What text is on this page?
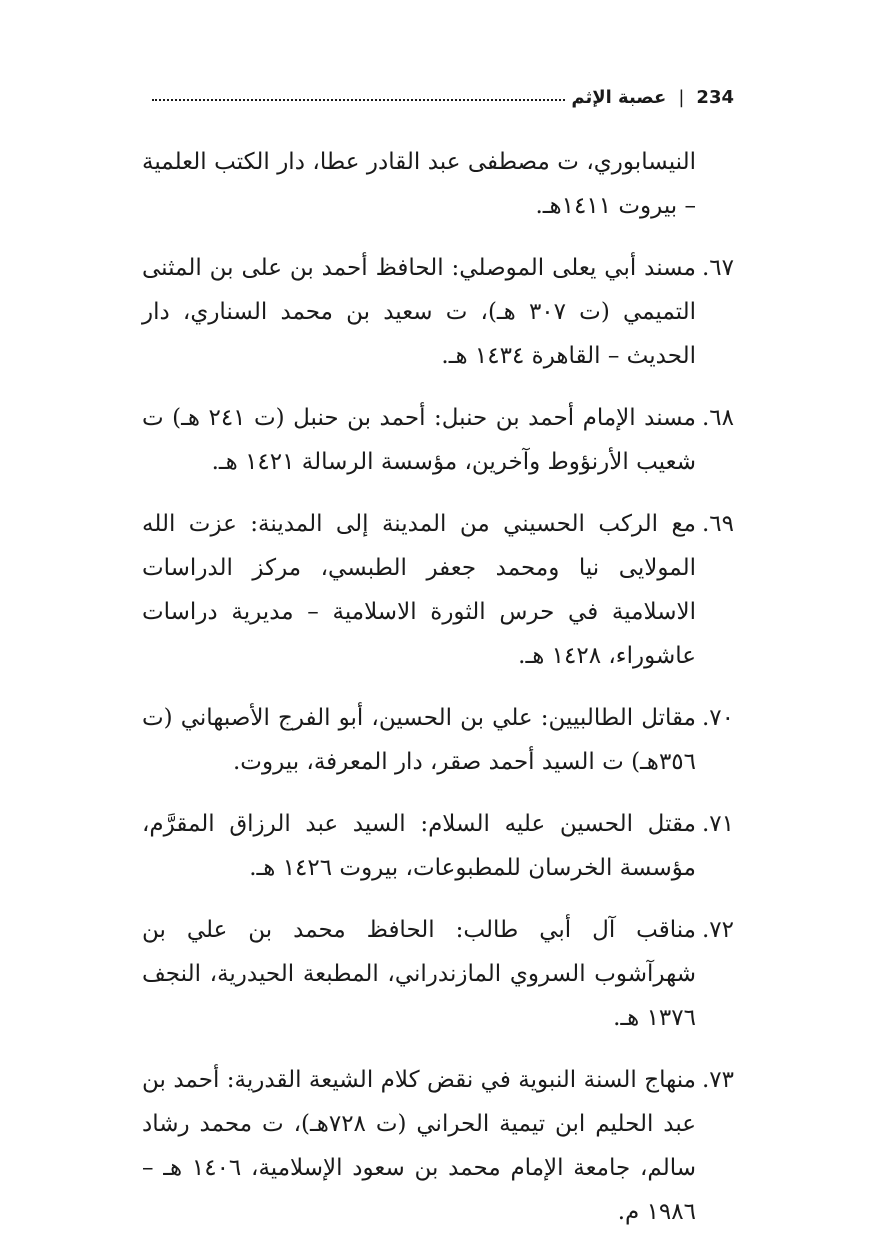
234
|
عصبة الإثم

النيسابوري، ت مصطفى عبد القادر عطا، دار الكتب العلمية – بيروت ١٤١١هـ.

٦٧.
مسند أبي يعلى الموصلي: الحافظ أحمد بن على بن المثنى التميمي (ت ٣٠٧ هـ)، ت سعيد بن محمد السناري، دار الحديث – القاهرة ١٤٣٤ هـ.

٦٨.
مسند الإمام أحمد بن حنبل: أحمد بن حنبل (ت ٢٤١ هـ) ت شعيب الأرنؤوط وآخرين، مؤسسة الرسالة ١٤٢١ هـ.

٦٩.
مع الركب الحسيني من المدينة إلى المدينة: عزت الله المولايى نيا ومحمد جعفر الطبسي، مركز الدراسات الاسلامية في حرس الثورة الاسلامية – مديرية دراسات عاشوراء، ١٤٢٨ هـ.

٧٠.
مقاتل الطالبيين: علي بن الحسين، أبو الفرج الأصبهاني (ت ٣٥٦هـ) ت السيد أحمد صقر، دار المعرفة، بيروت.

٧١.
مقتل الحسين عليه السلام: السيد عبد الرزاق المقرَّم، مؤسسة الخرسان للمطبوعات، بيروت ١٤٢٦ هـ.

٧٢.
مناقب آل أبي طالب: الحافظ محمد بن علي بن شهرآشوب السروي المازندراني، المطبعة الحيدرية، النجف ١٣٧٦ هـ.

٧٣.
منهاج السنة النبوية في نقض كلام الشيعة القدرية: أحمد بن عبد الحليم ابن تيمية الحراني (ت ٧٢٨هـ)، ت محمد رشاد سالم، جامعة الإمام محمد بن سعود الإسلامية، ١٤٠٦ هـ – ١٩٨٦ م.
